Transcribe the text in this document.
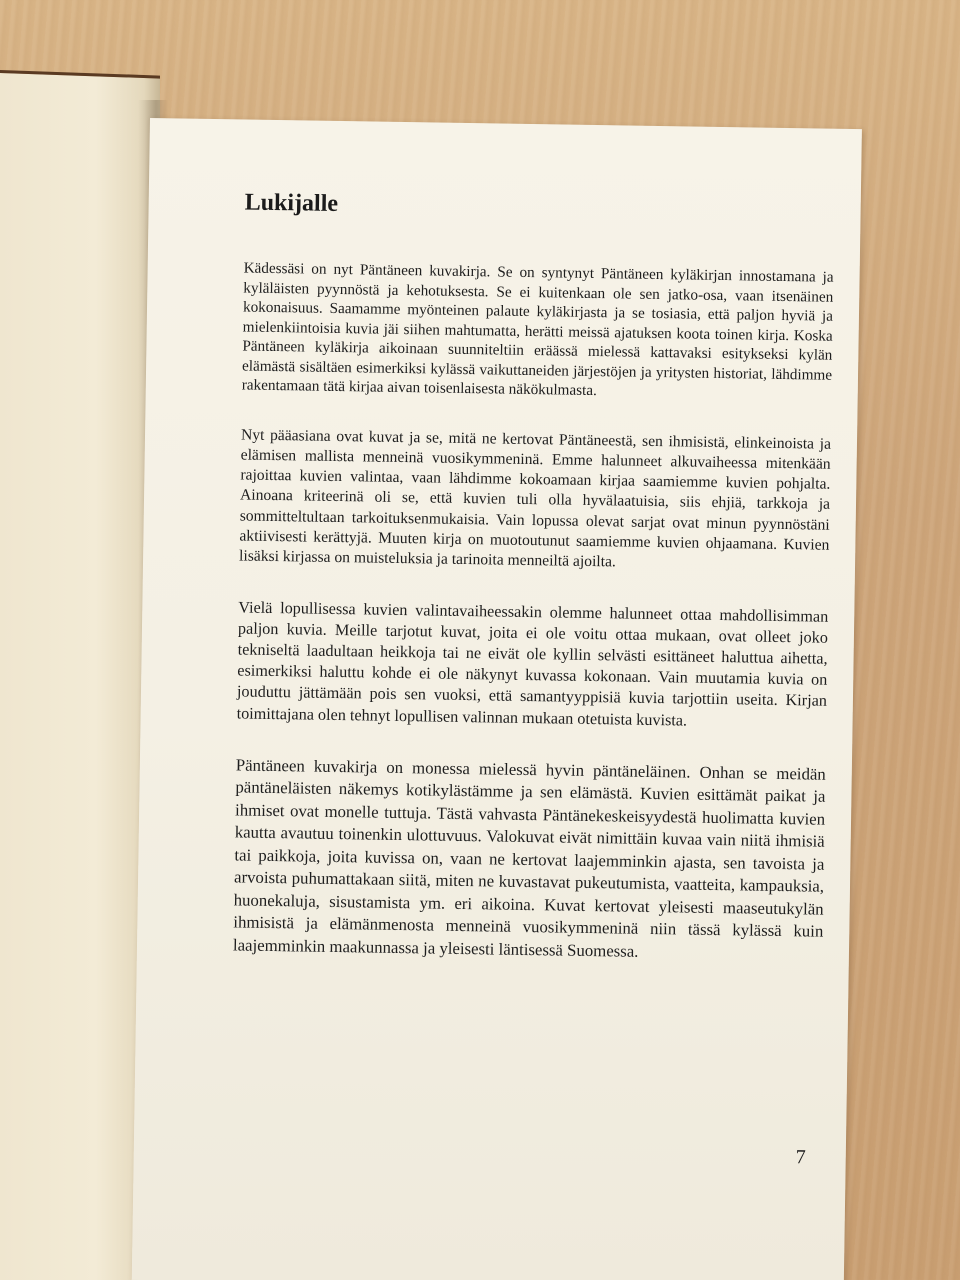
Lukijalle

Kädessäsi on nyt Päntäneen kuvakirja. Se on syntynyt Päntäneen kyläkirjan innostamana ja kyläläisten pyynnöstä ja kehotuksesta. Se ei kuitenkaan ole sen jatko-osa, vaan itsenäinen kokonaisuus. Saamamme myönteinen palaute kyläkirjasta ja se tosiasia, että paljon hyviä ja mielenkiintoisia kuvia jäi siihen mahtumatta, herätti meissä ajatuksen koota toinen kirja. Koska Päntäneen kyläkirja aikoinaan suunniteltiin eräässä mielessä kattavaksi esitykseksi kylän elämästä sisältäen esimerkiksi kylässä vaikuttaneiden järjestöjen ja yritysten historiat, lähdimme rakentamaan tätä kirjaa aivan toisenlaisesta näkökulmasta.

Nyt pääasiana ovat kuvat ja se, mitä ne kertovat Päntäneestä, sen ihmisistä, elinkeinoista ja elämisen mallista menneinä vuosikymmeninä. Emme halunneet alkuvaiheessa mitenkään rajoittaa kuvien valintaa, vaan lähdimme kokoamaan kirjaa saamiemme kuvien pohjalta. Ainoana kriteerinä oli se, että kuvien tuli olla hyvälaatuisia, siis ehjiä, tarkkoja ja sommitteltultaan tarkoituksenmukaisia. Vain lopussa olevat sarjat ovat minun pyynnöstäni aktiivisesti kerättyjä. Muuten kirja on muotoutunut saamiemme kuvien ohjaamana. Kuvien lisäksi kirjassa on muisteluksia ja tarinoita menneiltä ajoilta.

Vielä lopullisessa kuvien valintavaiheessakin olemme halunneet ottaa mahdollisimman paljon kuvia. Meille tarjotut kuvat, joita ei ole voitu ottaa mukaan, ovat olleet joko tekniseltä laadultaan heikkoja tai ne eivät ole kyllin selvästi esittäneet haluttua aihetta, esimerkiksi haluttu kohde ei ole näkynyt kuvassa kokonaan. Vain muutamia kuvia on jouduttu jättämään pois sen vuoksi, että samantyyppisiä kuvia tarjottiin useita. Kirjan toimittajana olen tehnyt lopullisen valinnan mukaan otetuista kuvista.

Päntäneen kuvakirja on monessa mielessä hyvin päntäneläinen. Onhan se meidän päntäneläisten näkemys kotikylästämme ja sen elämästä. Kuvien esittämät paikat ja ihmiset ovat monelle tuttuja. Tästä vahvasta Päntänekeskeisyydestä huolimatta kuvien kautta avautuu toinenkin ulottuvuus. Valokuvat eivät nimittäin kuvaa vain niitä ihmisiä tai paikkoja, joita kuvissa on, vaan ne kertovat laajemminkin ajasta, sen tavoista ja arvoista puhumattakaan siitä, miten ne kuvastavat pukeutumista, vaatteita, kampauksia, huonekaluja, sisustamista ym. eri aikoina. Kuvat kertovat yleisesti maaseutukylän ihmisistä ja elämänmenosta menneinä vuosikymmeninä niin tässä kylässä kuin laajemminkin maakunnassa ja yleisesti läntisessä Suomessa.

7
